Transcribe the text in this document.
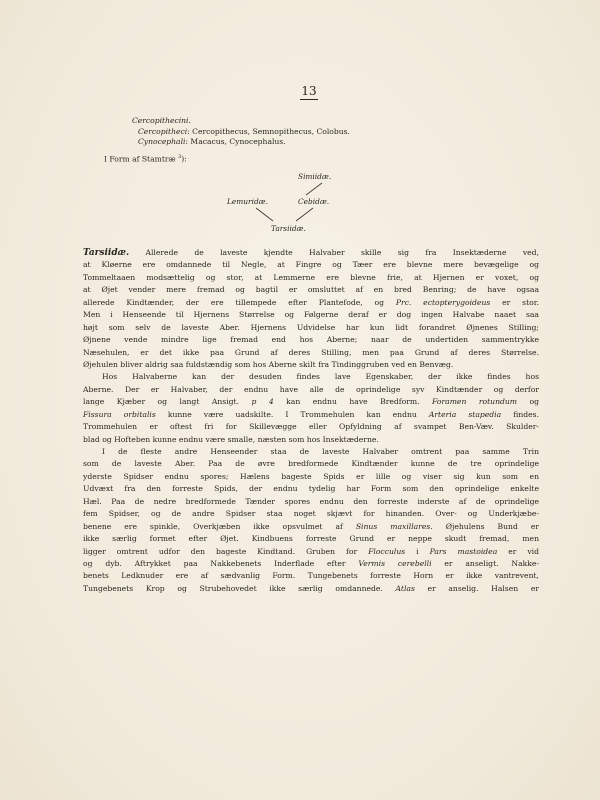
13
Cercopithecini.
Cercopitheci: Cercopithecus, Semnopithecus, Colobus.
Cynocephali: Macacus, Cynocephalus.
I Form af Stamtræ $^3$):
Simiidæ.
Lemuridæ.	Cebidæ.
Tarsiidæ.
Tarsiidæ. Allerede de laveste kjendte Halvaber skille sig fra Insektæderne ved,
at Kløerne ere omdannede til Negle, at Fingre og Tæer ere blevne mere bevægelige og
Tommeltaaen modsættelig og stor, at Lemmerne ere blevne frie, at Hjernen er voxet, og
at Øjet vender mere fremad og bagtil er omsluttet af en bred Benring; de have ogsaa
allerede Kindtænder, der ere tillempede efter Plantefode, og Prc. ectopterygoideus er stor.
Men i Henseende til Hjernens Størrelse og Følgerne deraf er dog ingen Halvabe naaet saa
højt som selv de laveste Aber. Hjernens Udvidelse har kun lidt forandret Øjnenes Stilling;
Øjnene vende mindre lige fremad end hos Aberne; naar de undertiden sammentrykke
Næsehulen, er det ikke paa Grund af deres Stilling, men paa Grund af deres Størrelse.
Øjehulen bliver aldrig saa fuldstændig som hos Aberne skilt fra Tindinggruben ved en Benvæg.
Hos Halvaberne kan der desuden findes lave Egenskaber, der ikke findes hos
Aberne. Der er Halvaber, der endnu have alle de oprindelige syv Kindtænder og derfor
lange Kjæber og langt Ansigt. p 4 kan endnu have Bredform. Foramen rotundum og
Fissura orbitalis kunne være uadskilte. I Trommehulen kan endnu Arteria stapedia findes.
Trommehulen er oftest fri for Skillevægge eller Opfyldning af svampet Ben-Væv. Skulder-
blad og Hofteben kunne endnu være smalle, næsten som hos Insektæderne.
I de fleste andre Henseender staa de laveste Halvaber omtrent paa samme Trin
som de laveste Aber. Paa de øvre bredformede Kindtænder kunne de tre oprindelige
yderste Spidser endnu spores; Hælens bageste Spids er lille og viser sig kun som en
Udvæxt fra den forreste Spids, der endnu tydelig har Form som den oprindelige enkelte
Hæl. Paa de nedre bredformede Tænder spores endnu den forreste inderste af de oprindelige
fem Spidser, og de andre Spidser staa noget skjævt for hinanden. Over- og Underkjæbe-
benene ere spinkle, Overkjæben ikke opsvulmet af Sinus maxillares. Øjehulens Bund er
ikke særlig formet efter Øjet. Kindbuens forreste Grund er neppe skudt fremad, men
ligger omtrent udfor den bageste Kindtand. Gruben for Flocculus i Pars mastoidea er vid
og dyb. Aftrykket paa Nakkebenets Inderflade efter Vermis cerebelli er anseligt. Nakke-
benets Ledknuder ere af sædvanlig Form. Tungebenets forreste Horn er ikke vantrevent,
Tungebenets Krop og Strubehovedet ikke særlig omdannede. Atlas er anselig. Halsen er
